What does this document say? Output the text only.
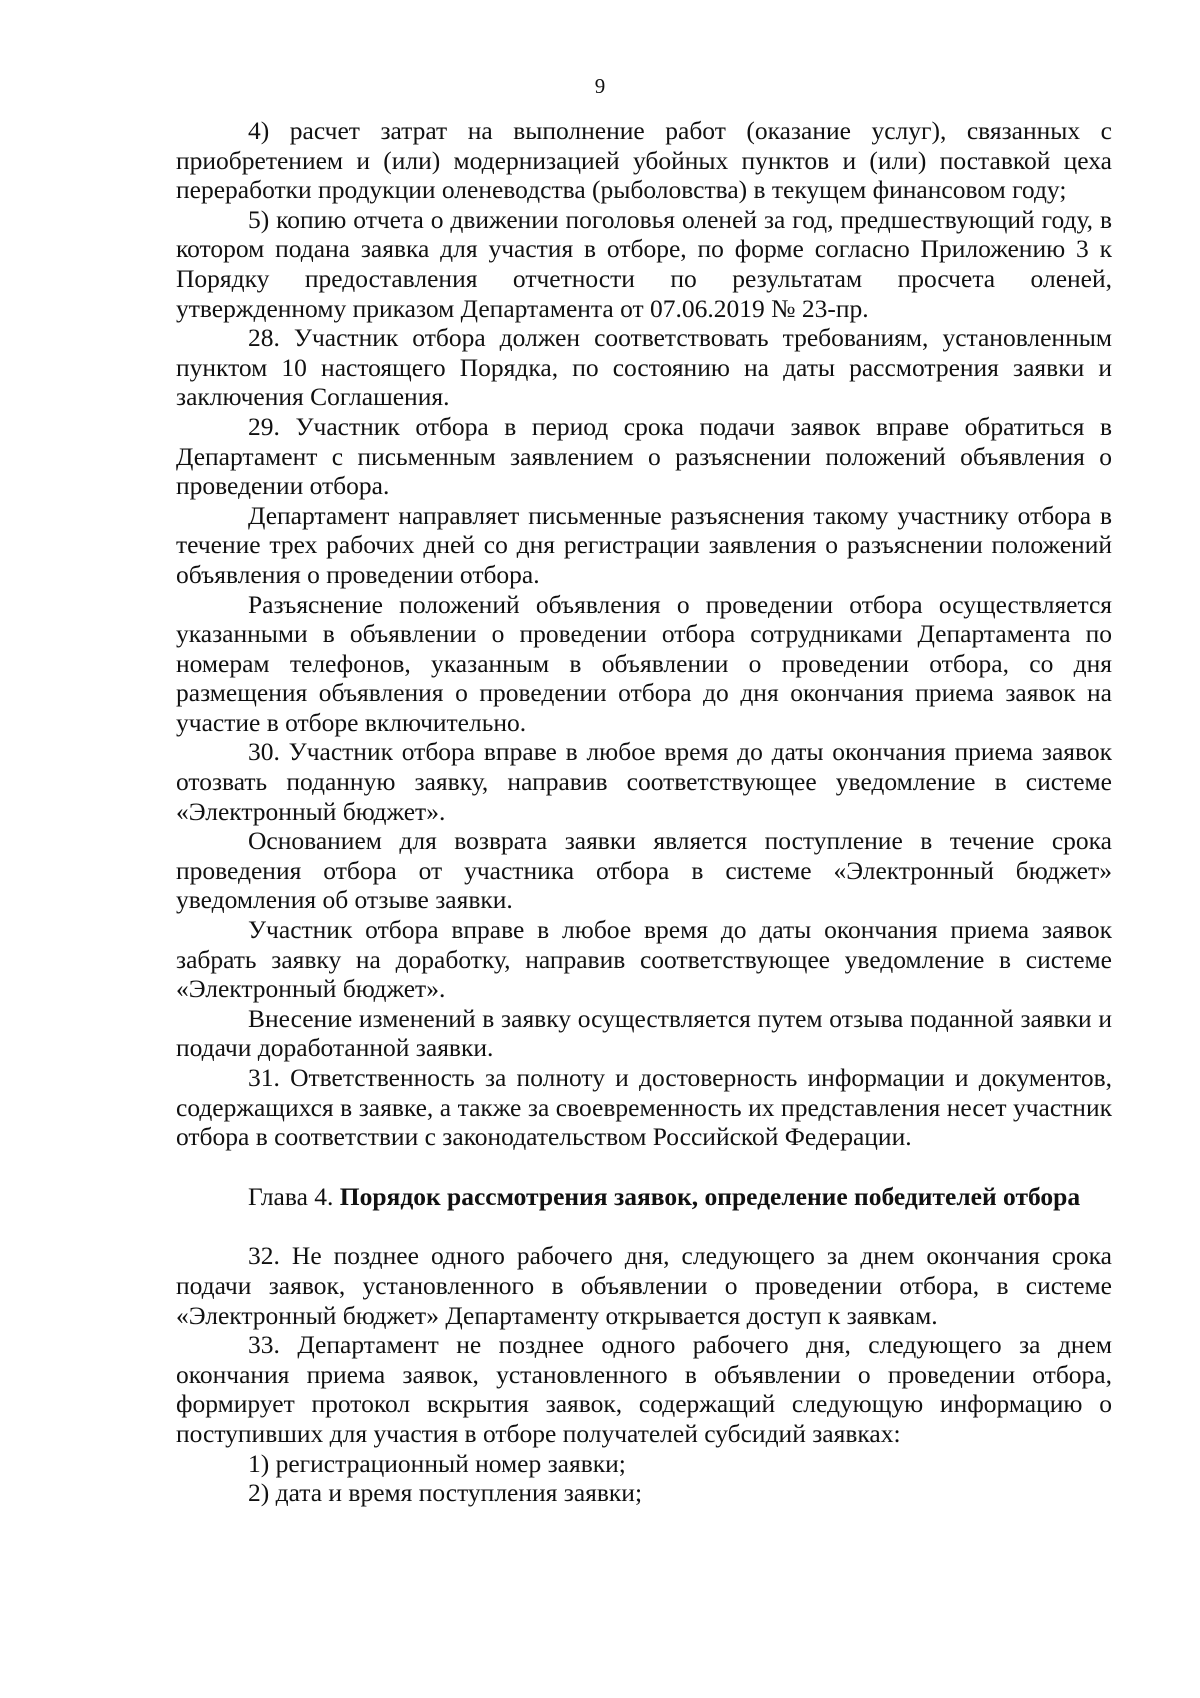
9

4) расчет затрат на выполнение работ (оказание услуг), связанных с приобретением и (или) модернизацией убойных пунктов и (или) поставкой цеха переработки продукции оленеводства (рыболовства) в текущем финансовом году;

5) копию отчета о движении поголовья оленей за год, предшествующий году, в котором подана заявка для участия в отборе, по форме согласно Приложению 3 к Порядку предоставления отчетности по результатам просчета оленей, утвержденному приказом Департамента от 07.06.2019 № 23-пр.

28. Участник отбора должен соответствовать требованиям, установленным пунктом 10 настоящего Порядка, по состоянию на даты рассмотрения заявки и заключения Соглашения.

29. Участник отбора в период срока подачи заявок вправе обратиться в Департамент с письменным заявлением о разъяснении положений объявления о проведении отбора.

Департамент направляет письменные разъяснения такому участнику отбора в течение трех рабочих дней со дня регистрации заявления о разъяснении положений объявления о проведении отбора.

Разъяснение положений объявления о проведении отбора осуществляется указанными в объявлении о проведении отбора сотрудниками Департамента по номерам телефонов, указанным в объявлении о проведении отбора, со дня размещения объявления о проведении отбора до дня окончания приема заявок на участие в отборе включительно.

30. Участник отбора вправе в любое время до даты окончания приема заявок отозвать поданную заявку, направив соответствующее уведомление в системе «Электронный бюджет».

Основанием для возврата заявки является поступление в течение срока проведения отбора от участника отбора в системе «Электронный бюджет» уведомления об отзыве заявки.

Участник отбора вправе в любое время до даты окончания приема заявок забрать заявку на доработку, направив соответствующее уведомление в системе «Электронный бюджет».

Внесение изменений в заявку осуществляется путем отзыва поданной заявки и подачи доработанной заявки.

31. Ответственность за полноту и достоверность информации и документов, содержащихся в заявке, а также за своевременность их представления несет участник отбора в соответствии с законодательством Российской Федерации.

Глава 4. Порядок рассмотрения заявок, определение победителей отбора

32. Не позднее одного рабочего дня, следующего за днем окончания срока подачи заявок, установленного в объявлении о проведении отбора, в системе «Электронный бюджет» Департаменту открывается доступ к заявкам.

33. Департамент не позднее одного рабочего дня, следующего за днем окончания приема заявок, установленного в объявлении о проведении отбора, формирует протокол вскрытия заявок, содержащий следующую информацию о поступивших для участия в отборе получателей субсидий заявках:

1) регистрационный номер заявки;

2) дата и время поступления заявки;
